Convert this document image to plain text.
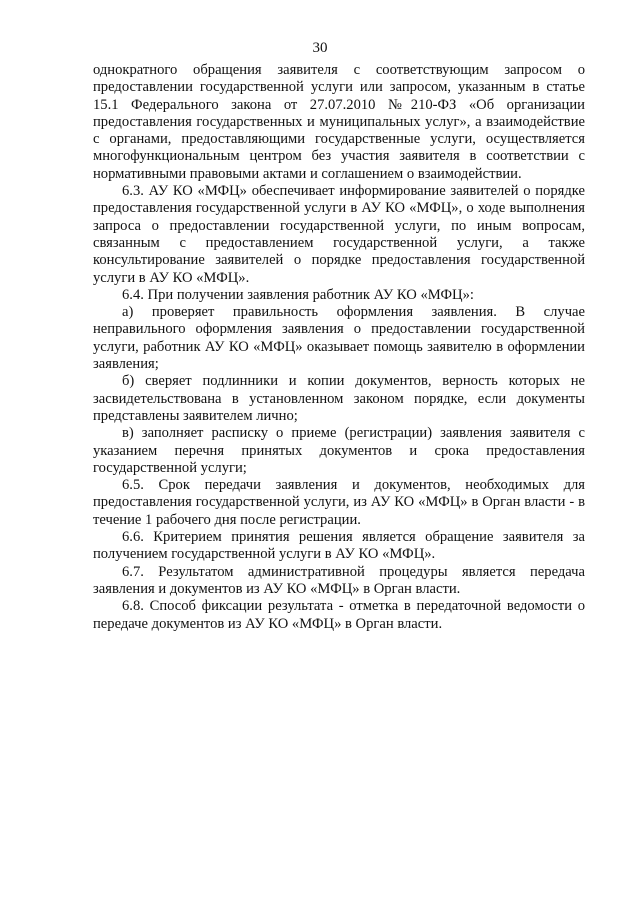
30

однократного обращения заявителя с соответствующим запросом о предоставлении государственной услуги или запросом, указанным в статье 15.1 Федерального закона от 27.07.2010 №210-ФЗ «Об организации предоставления государственных и муниципальных услуг», а взаимодействие с органами, предоставляющими государственные услуги, осуществляется многофункциональным центром без участия заявителя в соответствии с нормативными правовыми актами и соглашением о взаимодействии.

6.3. АУ КО «МФЦ» обеспечивает информирование заявителей о порядке предоставления государственной услуги в АУ КО «МФЦ», о ходе выполнения запроса о предоставлении государственной услуги, по иным вопросам, связанным с предоставлением государственной услуги, а также консультирование заявителей о порядке предоставления государственной услуги в АУ КО «МФЦ».

6.4. При получении заявления работник АУ КО «МФЦ»:

а) проверяет правильность оформления заявления. В случае неправильного оформления заявления о предоставлении государственной услуги, работник АУ КО «МФЦ» оказывает помощь заявителю в оформлении заявления;

б) сверяет подлинники и копии документов, верность которых не засвидетельствована в установленном законом порядке, если документы представлены заявителем лично;

в) заполняет расписку о приеме (регистрации) заявления заявителя с указанием перечня принятых документов и срока предоставления государственной услуги;

6.5. Срок передачи заявления и документов, необходимых для предоставления государственной услуги, из АУ КО «МФЦ» в Орган власти - в течение 1 рабочего дня после регистрации.

6.6. Критерием принятия решения является обращение заявителя за получением государственной услуги в АУ КО «МФЦ».

6.7. Результатом административной процедуры является передача заявления и документов из АУ КО «МФЦ» в Орган власти.

6.8. Способ фиксации результата - отметка в передаточной ведомости о передаче документов из АУ КО «МФЦ» в Орган власти.
